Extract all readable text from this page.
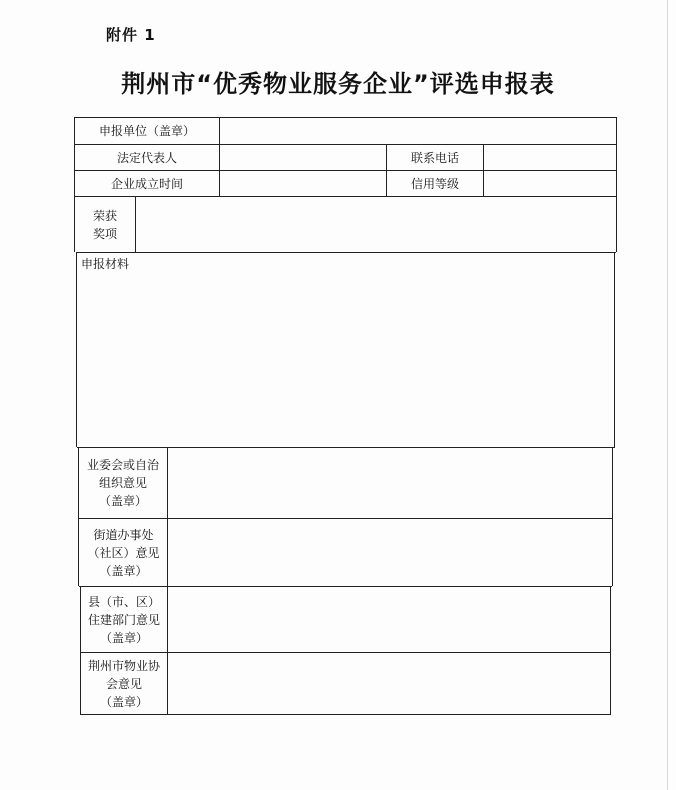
附件 1
荆州市“优秀物业服务企业”评选申报表
申报单位（盖章）
法定代表人	联系电话
企业成立时间	信用等级
荣获
奖项
申报材料
业委会或自治
组织意见
（盖章）
街道办事处
（社区）意见
（盖章）
县（市、区）
住建部门意见
（盖章）
荆州市物业协
会意见
（盖章）
